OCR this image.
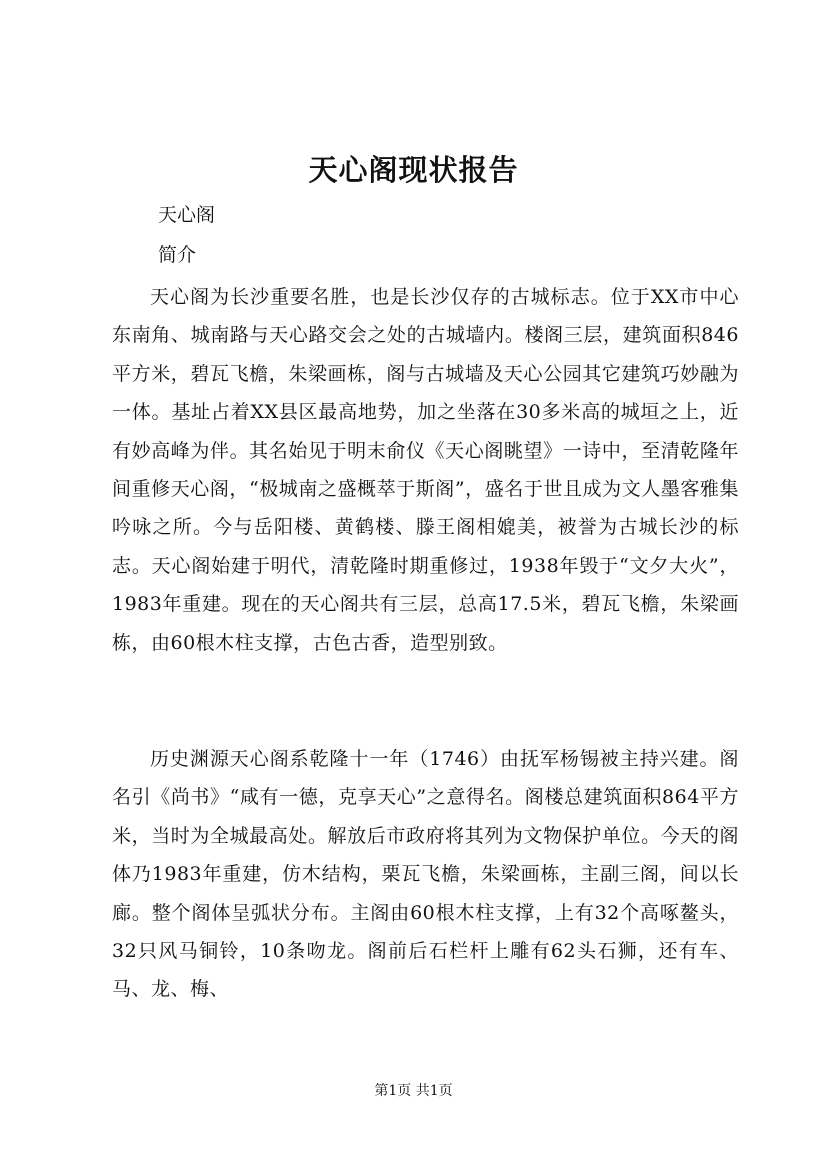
天心阁现状报告

天心阁

简介

天心阁为长沙重要名胜，也是长沙仅存的古城标志。位于XX市中心东南角、城南路与天心路交会之处的古城墙内。楼阁三层，建筑面积846平方米，碧瓦飞檐，朱梁画栋，阁与古城墙及天心公园其它建筑巧妙融为一体。基址占着XX县区最高地势，加之坐落在30多米高的城垣之上，近有妙高峰为伴。其名始见于明末俞仪《天心阁眺望》一诗中，至清乾隆年间重修天心阁，“极城南之盛概萃于斯阁”，盛名于世且成为文人墨客雅集吟咏之所。今与岳阳楼、黄鹤楼、滕王阁相媲美，被誉为古城长沙的标志。天心阁始建于明代，清乾隆时期重修过，1938年毁于“文夕大火”，1983年重建。现在的天心阁共有三层，总高17.5米，碧瓦飞檐，朱梁画栋，由60根木柱支撑，古色古香，造型别致。

历史渊源天心阁系乾隆十一年（1746）由抚军杨锡被主持兴建。阁名引《尚书》“咸有一德，克享天心”之意得名。阁楼总建筑面积864平方米，当时为全城最高处。解放后市政府将其列为文物保护单位。今天的阁体乃1983年重建，仿木结构，栗瓦飞檐，朱梁画栋，主副三阁，间以长廊。整个阁体呈弧状分布。主阁由60根木柱支撑，上有32个高啄鳌头，32只风马铜铃，10条吻龙。阁前后石栏杆上雕有62头石狮，还有车、马、龙、梅、

第1页 共1页
